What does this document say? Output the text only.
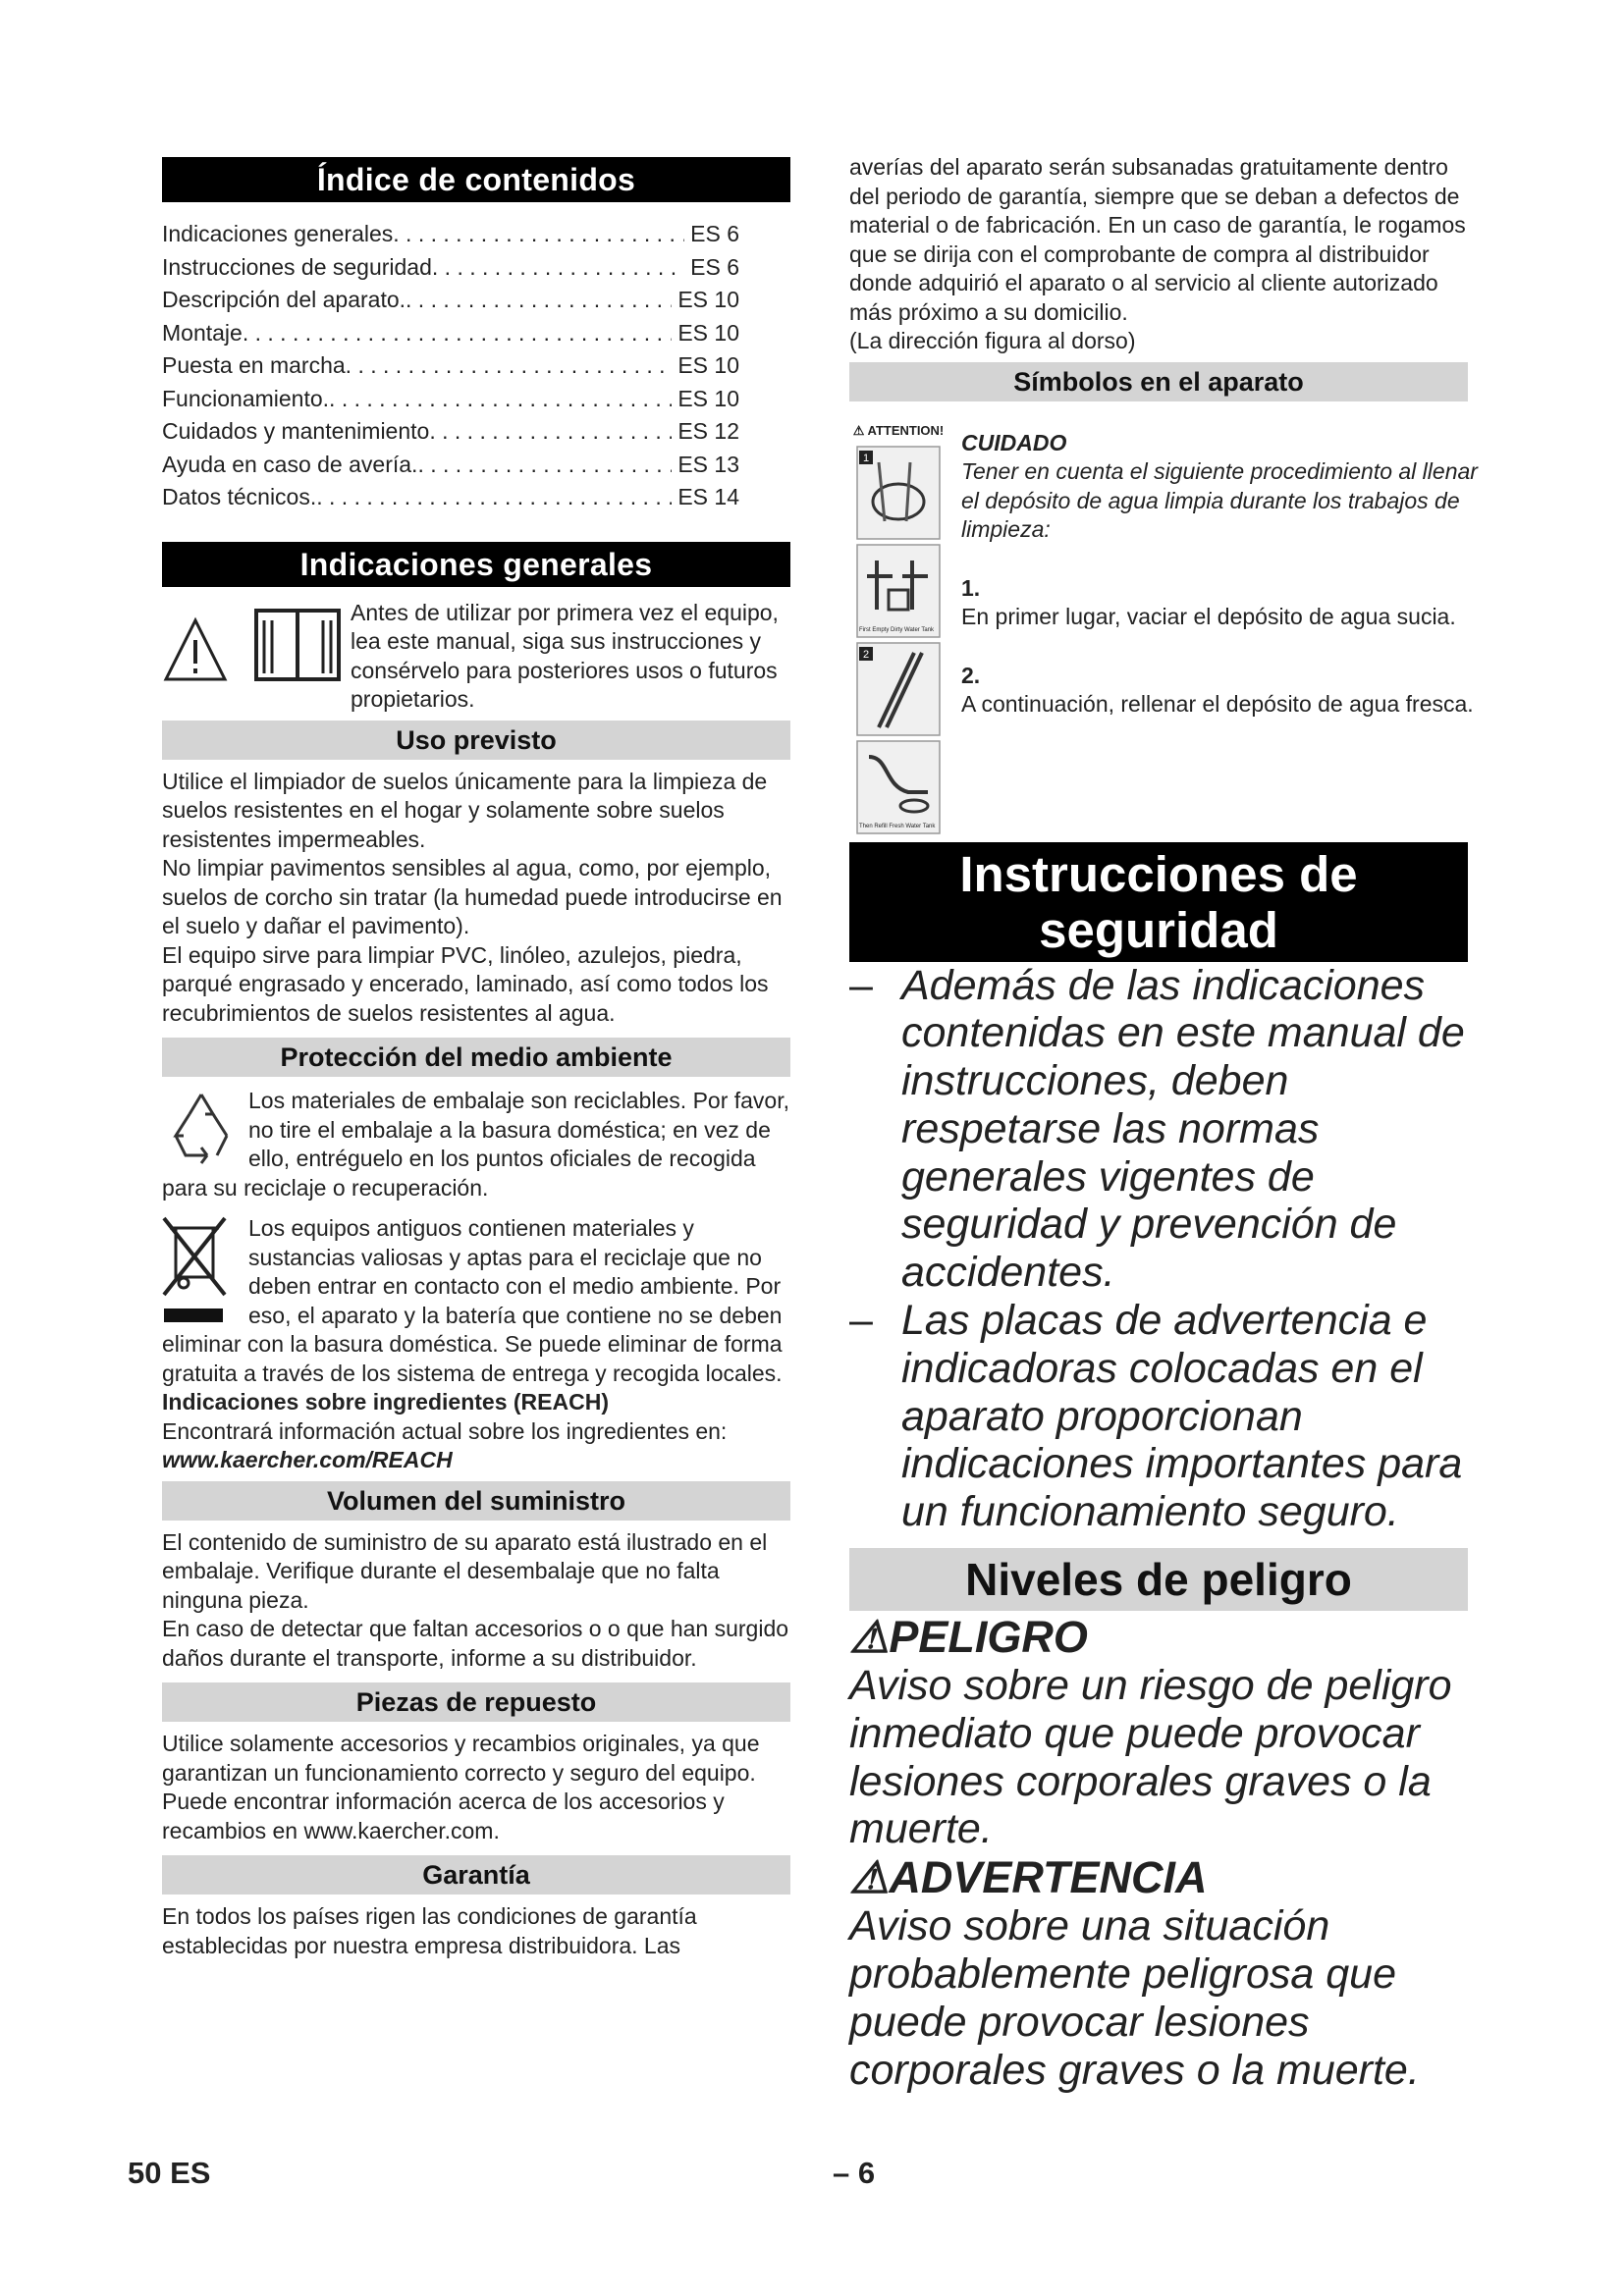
Índice de contenidos
Indicaciones generales . . .	ES 6
Instrucciones de seguridad . . .	ES 6
Descripción del aparato. . . .	ES 10
Montaje . . .	ES 10
Puesta en marcha . . .	ES 10
Funcionamiento. . . .	ES 10
Cuidados y mantenimiento . . .	ES 12
Ayuda en caso de avería. . . .	ES 13
Datos técnicos. . . .	ES 14
Indicaciones generales

Antes de utilizar por primera vez el equipo, lea este manual, siga sus instrucciones y consérvelo para posteriores usos o futuros propietarios.

Uso previsto

Utilice el limpiador de suelos únicamente para la limpieza de suelos resistentes en el hogar y solamente sobre suelos resistentes impermeables.

No limpiar pavimentos sensibles al agua, como, por ejemplo, suelos de corcho sin tratar (la humedad puede introducirse en el suelo y dañar el pavimento).

El equipo sirve para limpiar PVC, linóleo, azulejos, piedra, parqué engrasado y encerado, laminado, así como todos los recubrimientos de suelos resistentes al agua.

Protección del medio ambiente

Los materiales de embalaje son reciclables. Por favor, no tire el embalaje a la basura doméstica; en vez de ello, entréguelo en los puntos oficiales de recogida para su reciclaje o recuperación.

Los equipos antiguos contienen materiales y sustancias valiosas y aptas para el reciclaje que no deben entrar en contacto con el medio ambiente. Por eso, el aparato y la batería que contiene no se deben eliminar con la basura doméstica. Se puede eliminar de forma gratuita a través de los sistema de entrega y recogida locales.

Indicaciones sobre ingredientes (REACH)

Encontrará información actual sobre los ingredientes en:

www.kaercher.com/REACH

Volumen del suministro

El contenido de suministro de su aparato está ilustrado en el embalaje. Verifique durante el desembalaje que no falta ninguna pieza.

En caso de detectar que faltan accesorios o o que han surgido daños durante el transporte, informe a su distribuidor.

Piezas de repuesto

Utilice solamente accesorios y recambios originales, ya que garantizan un funcionamiento correcto y seguro del equipo.

Puede encontrar información acerca de los accesorios y recambios en www.kaercher.com.

Garantía

En todos los países rigen las condiciones de garantía establecidas por nuestra empresa distribuidora. Las

averías del aparato serán subsanadas gratuitamente dentro del periodo de garantía, siempre que se deban a defectos de material o de fabricación. En un caso de garantía, le rogamos que se dirija con el comprobante de compra al distribuidor donde adquirió el aparato o al servicio al cliente autorizado más próximo a su domicilio.

(La dirección figura al dorso)

Símbolos en el aparato
⚠ ATTENTION!
1
First Empty Dirty Water Tank
2
Then Refill Fresh Water Tank

CUIDADO

Tener en cuenta el siguiente procedimiento al llenar el depósito de agua limpia durante los trabajos de limpieza:

1.

En primer lugar, vaciar el depósito de agua sucia.

2.

A continuación, rellenar el depósito de agua fresca.

Instrucciones de seguridad
– Además de las indicaciones contenidas en este manual de instrucciones, deben respetarse las normas generales vigentes de seguridad y prevención de accidentes.
– Las placas de advertencia e indicadoras colocadas en el aparato proporcionan indicaciones importantes para un funcionamiento seguro.
Niveles de peligro
⚠PELIGRO
Aviso sobre un riesgo de peligro inmediato que puede provocar lesiones corporales graves o la muerte.
⚠ADVERTENCIA
Aviso sobre una situación probablemente peligrosa que puede provocar lesiones corporales graves o la muerte.
50 ES	– 6
